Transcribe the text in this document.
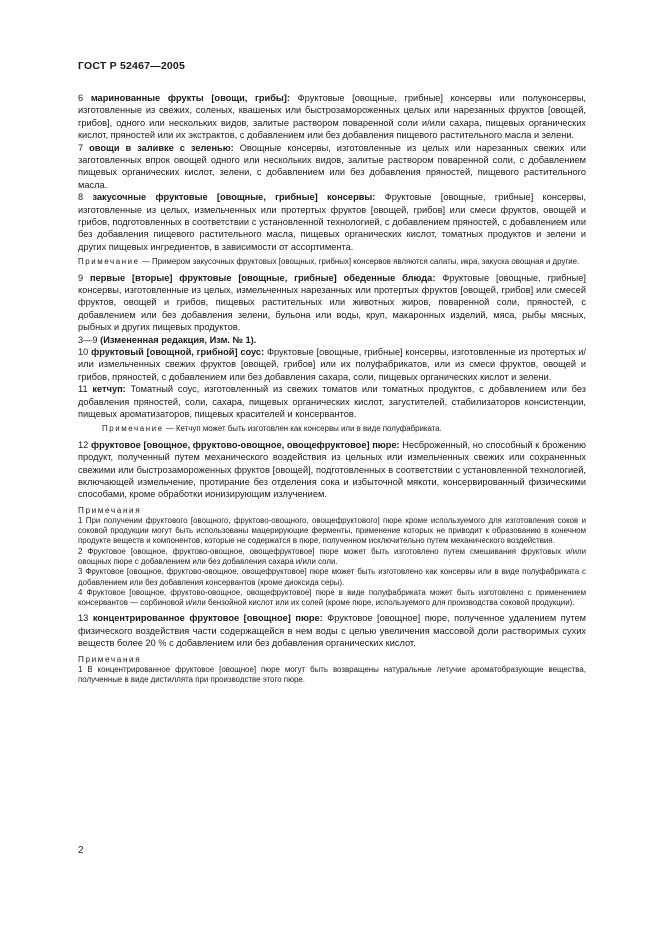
ГОСТ Р 52467—2005

6 маринованные фрукты [овощи, грибы]: Фруктовые [овощные, грибные] консервы или полуконсервы, изготовленные из свежих, соленых, квашеных или быстрозамороженных целых или нарезанных фруктов [овощей, грибов], одного или нескольких видов, залитые раствором поваренной соли и/или сахара, пищевых органических кислот, пряностей или их экстрактов, с добавлением или без добавления пищевого растительного масла и зелени.

7 овощи в заливке с зеленью: Овощные консервы, изготовленные из целых или нарезанных свежих или заготовленных впрок овощей одного или нескольких видов, залитые раствором поваренной соли, с добавлением пищевых органических кислот, зелени, с добавлением или без добавления пряностей, пищевого растительного масла.

8 закусочные фруктовые [овощные, грибные] консервы: Фруктовые [овощные, грибные] консервы, изготовленные из целых, измельченных или протертых фруктов [овощей, грибов] или смеси фруктов, овощей и грибов, подготовленных в соответствии с установленной технологией, с добавлением пряностей, с добавлением или без добавления пищевого растительного масла, пищевых органических кислот, томатных продуктов и зелени и других пищевых ингредиентов, в зависимости от ассортимента.

Примечание — Примером закусочных фруктовых [овощных, грибных] консервов являются салаты, икра, закуска овощная и другие.

9 первые [вторые] фруктовые [овощные, грибные] обеденные блюда: Фруктовые [овощные, грибные] консервы, изготовленные из целых, измельченных нарезанных или протертых фруктов [овощей, грибов] или смесей фруктов, овощей и грибов, пищевых растительных или животных жиров, поваренной соли, пряностей, с добавлением или без добавления зелени, бульона или воды, круп, макаронных изделий, мяса, рыбы мясных, рыбных и других пищевых продуктов.

3—9 (Измененная редакция, Изм. № 1).

10 фруктовый [овощной, грибной] соус: Фруктовые [овощные, грибные] консервы, изготовленные из протертых и/или измельченных свежих фруктов [овощей, грибов] или их полуфабрикатов, или из смеси фруктов, овощей и грибов, пряностей, с добавлением или без добавления сахара, соли, пищевых органических кислот и зелени.

11 кетчуп: Томатный соус, изготовленный из свежих томатов или томатных продуктов, с добавлением или без добавления пряностей, соли, сахара, пищевых органических кислот, загустителей, стабилизаторов консистенции, пищевых ароматизаторов, пищевых красителей и консервантов.

Примечание — Кетчуп может быть изготовлен как консервы или в виде полуфабриката.

12 фруктовое [овощное, фруктово-овощное, овощефруктовое] пюре: Несброженный, но способный к брожению продукт, полученный путем механического воздействия из цельных или измельченных свежих или сохраненных свежими или быстрозамороженных фруктов [овощей], подготовленных в соответствии с установленной технологией, включающей измельчение, протирание без отделения сока и избыточной мякоти, консервированный физическими способами, кроме обработки ионизирующим излучением.

Примечания

1 При получении фруктового [овощного, фруктово-овощного, овощефруктового] пюре кроме используемого для изготовления соков и соковой продукции могут быть использованы мацерирующие ферменты, применение которых не приводит к образованию в конечном продукте веществ и компонентов, которые не содержатся в пюре, полученном исключительно путем механического воздействия.

2 Фруктовое [овощное, фруктово-овощное, овощефруктовое] пюре может быть изготовлено путем смешивания фруктовых и/или овощных пюре с добавлением или без добавления сахара и/или соли.

3 Фруктовое [овощное, фруктово-овощное, овощефруктовое] пюре может быть изготовлено как консервы или в виде полуфабриката с добавлением или без добавления консервантов (кроме диоксида серы).

4 Фруктовое [овощное, фруктово-овощное, овощефруктовое] пюре в виде полуфабриката может быть изготовлено с применением консервантов — сорбиновой и/или бензойной кислот или их солей (кроме пюре, используемого для производства соковой продукции).

13 концентрированное фруктовое [овощное] пюре: Фруктовое [овощное] пюре, полученное удалением путем физического воздействия части содержащейся в нем воды с целью увеличения массовой доли растворимых сухих веществ более 20 % с добавлением или без добавления органических кислот.

Примечания

1 В концентрированное фруктовое [овощное] пюре могут быть возвращены натуральные летучие ароматобразующие вещества, полученные в виде дистиллята при производстве этого пюре.

2
